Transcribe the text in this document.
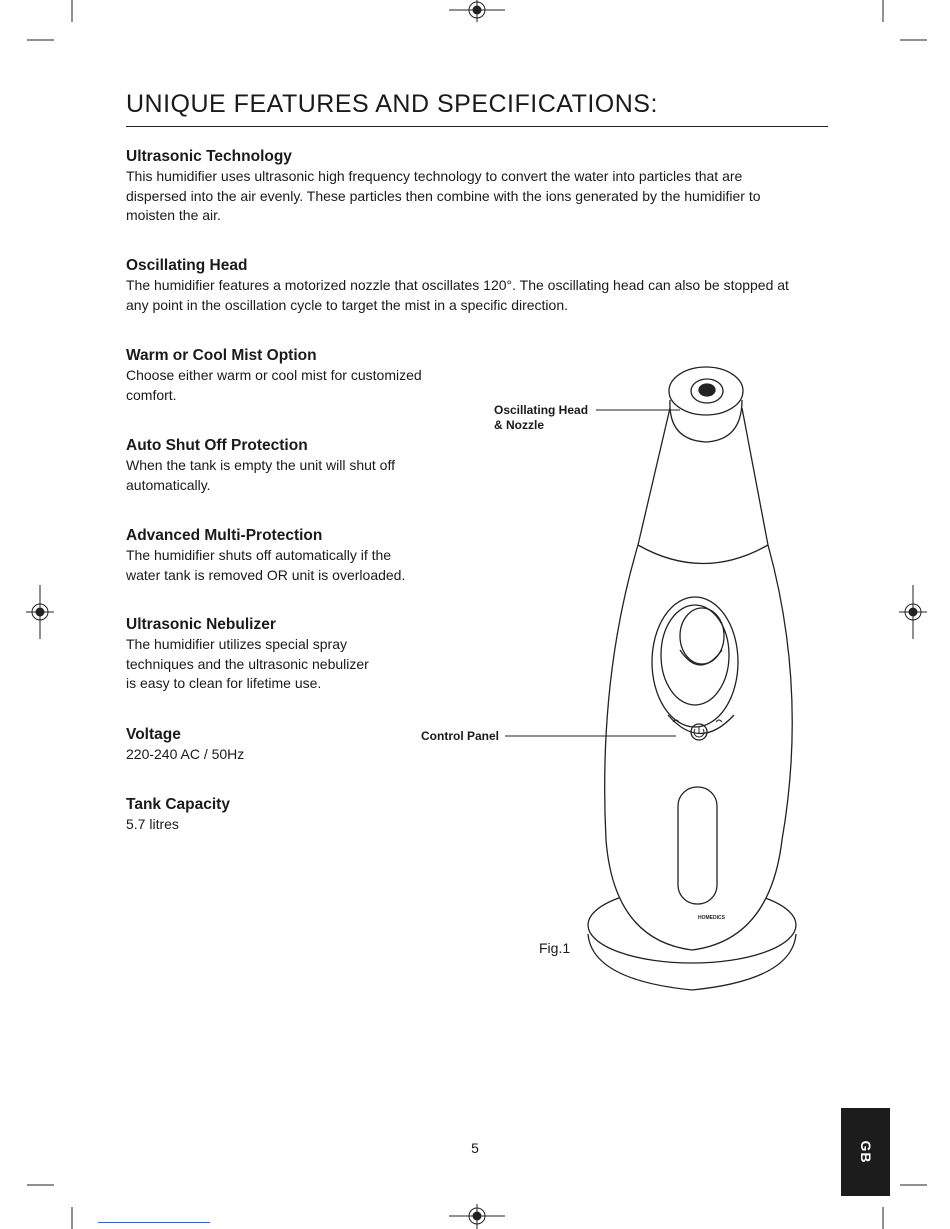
UNIQUE FEATURES AND SPECIFICATIONS:
Ultrasonic Technology

This humidifier uses ultrasonic high frequency technology to convert the water into particles that are
dispersed into the air evenly. These particles then combine with the ions generated by the humidifier to
moisten the air.

Oscillating Head

The humidifier features a motorized nozzle that oscillates 120°. The oscillating head can also be stopped at
any point in the oscillation cycle to target the mist in a specific direction.

Warm or Cool Mist Option

Choose either warm or cool mist for customized
comfort.

Auto Shut Off Protection

When the tank is empty the unit will shut off
automatically.

Advanced Multi-Protection

The humidifier shuts off automatically if the
water tank is removed OR unit is overloaded.

Ultrasonic Nebulizer

The humidifier utilizes special spray
techniques and the ultrasonic nebulizer
is easy to clean for lifetime use.

Voltage

220-240 AC / 50Hz

Tank Capacity

5.7 litres

HOMEDICS
Oscillating Head
& Nozzle
Control Panel
Fig.1
5	GB
